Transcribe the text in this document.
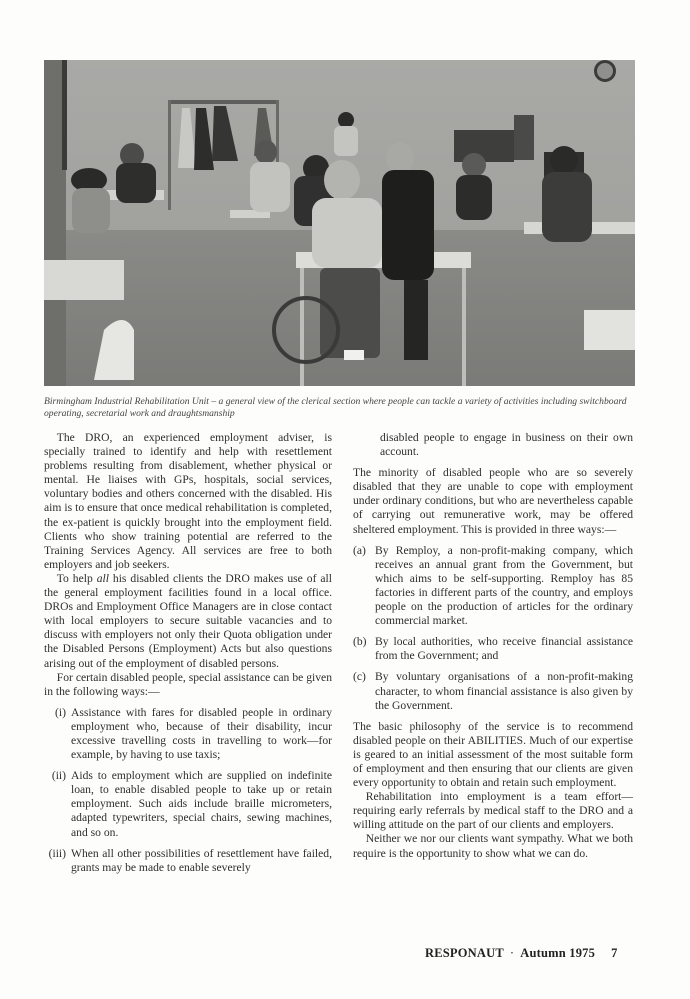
Birmingham Industrial Rehabilitation Unit – a general view of the clerical section where people can tackle a variety of activities including switchboard operating, secretarial work and draughtsmanship

The DRO, an experienced employment adviser, is specially trained to identify and help with resettlement problems resulting from disablement, whether physical or mental. He liaises with GPs, hospitals, social services, voluntary bodies and others concerned with the disabled. His aim is to ensure that once medical rehabilitation is completed, the ex-patient is quickly brought into the employment field. Clients who show training potential are referred to the Training Services Agency. All services are free to both employers and job seekers.

To help all his disabled clients the DRO makes use of all the general employment facilities found in a local office. DROs and Employment Office Managers are in close contact with local employers to secure suitable vacancies and to discuss with employers not only their Quota obligation under the Disabled Persons (Employment) Acts but also questions arising out of the employment of disabled persons.

For certain disabled people, special assistance can be given in the following ways:—

(i) Assistance with fares for disabled people in ordinary employment who, because of their disability, incur excessive travelling costs in travelling to work—for example, by having to use taxis;
(ii) Aids to employment which are supplied on indefinite loan, to enable disabled people to take up or retain employment. Such aids include braille micrometers, adapted typewriters, special chairs, sewing machines, and so on.
(iii) When all other possibilities of resettlement have failed, grants may be made to enable severely

disabled people to engage in business on their own account.

The minority of disabled people who are so severely disabled that they are unable to cope with employment under ordinary conditions, but who are nevertheless capable of carrying out remunerative work, may be offered sheltered employment. This is provided in three ways:—

(a) By Remploy, a non-profit-making company, which receives an annual grant from the Government, but which aims to be self-supporting. Remploy has 85 factories in different parts of the country, and employs people on the production of articles for the ordinary commercial market.
(b) By local authorities, who receive financial assistance from the Government; and
(c) By voluntary organisations of a non-profit-making character, to whom financial assistance is also given by the Government.

The basic philosophy of the service is to recommend disabled people on their ABILITIES. Much of our expertise is geared to an initial assessment of the most suitable form of employment and then ensuring that our clients are given every opportunity to obtain and retain such employment.

Rehabilitation into employment is a team effort—requiring early referrals by medical staff to the DRO and a willing attitude on the part of our clients and employers.

Neither we nor our clients want sympathy. What we both require is the opportunity to show what we can do.

RESPONAUT · Autumn 1975 7
